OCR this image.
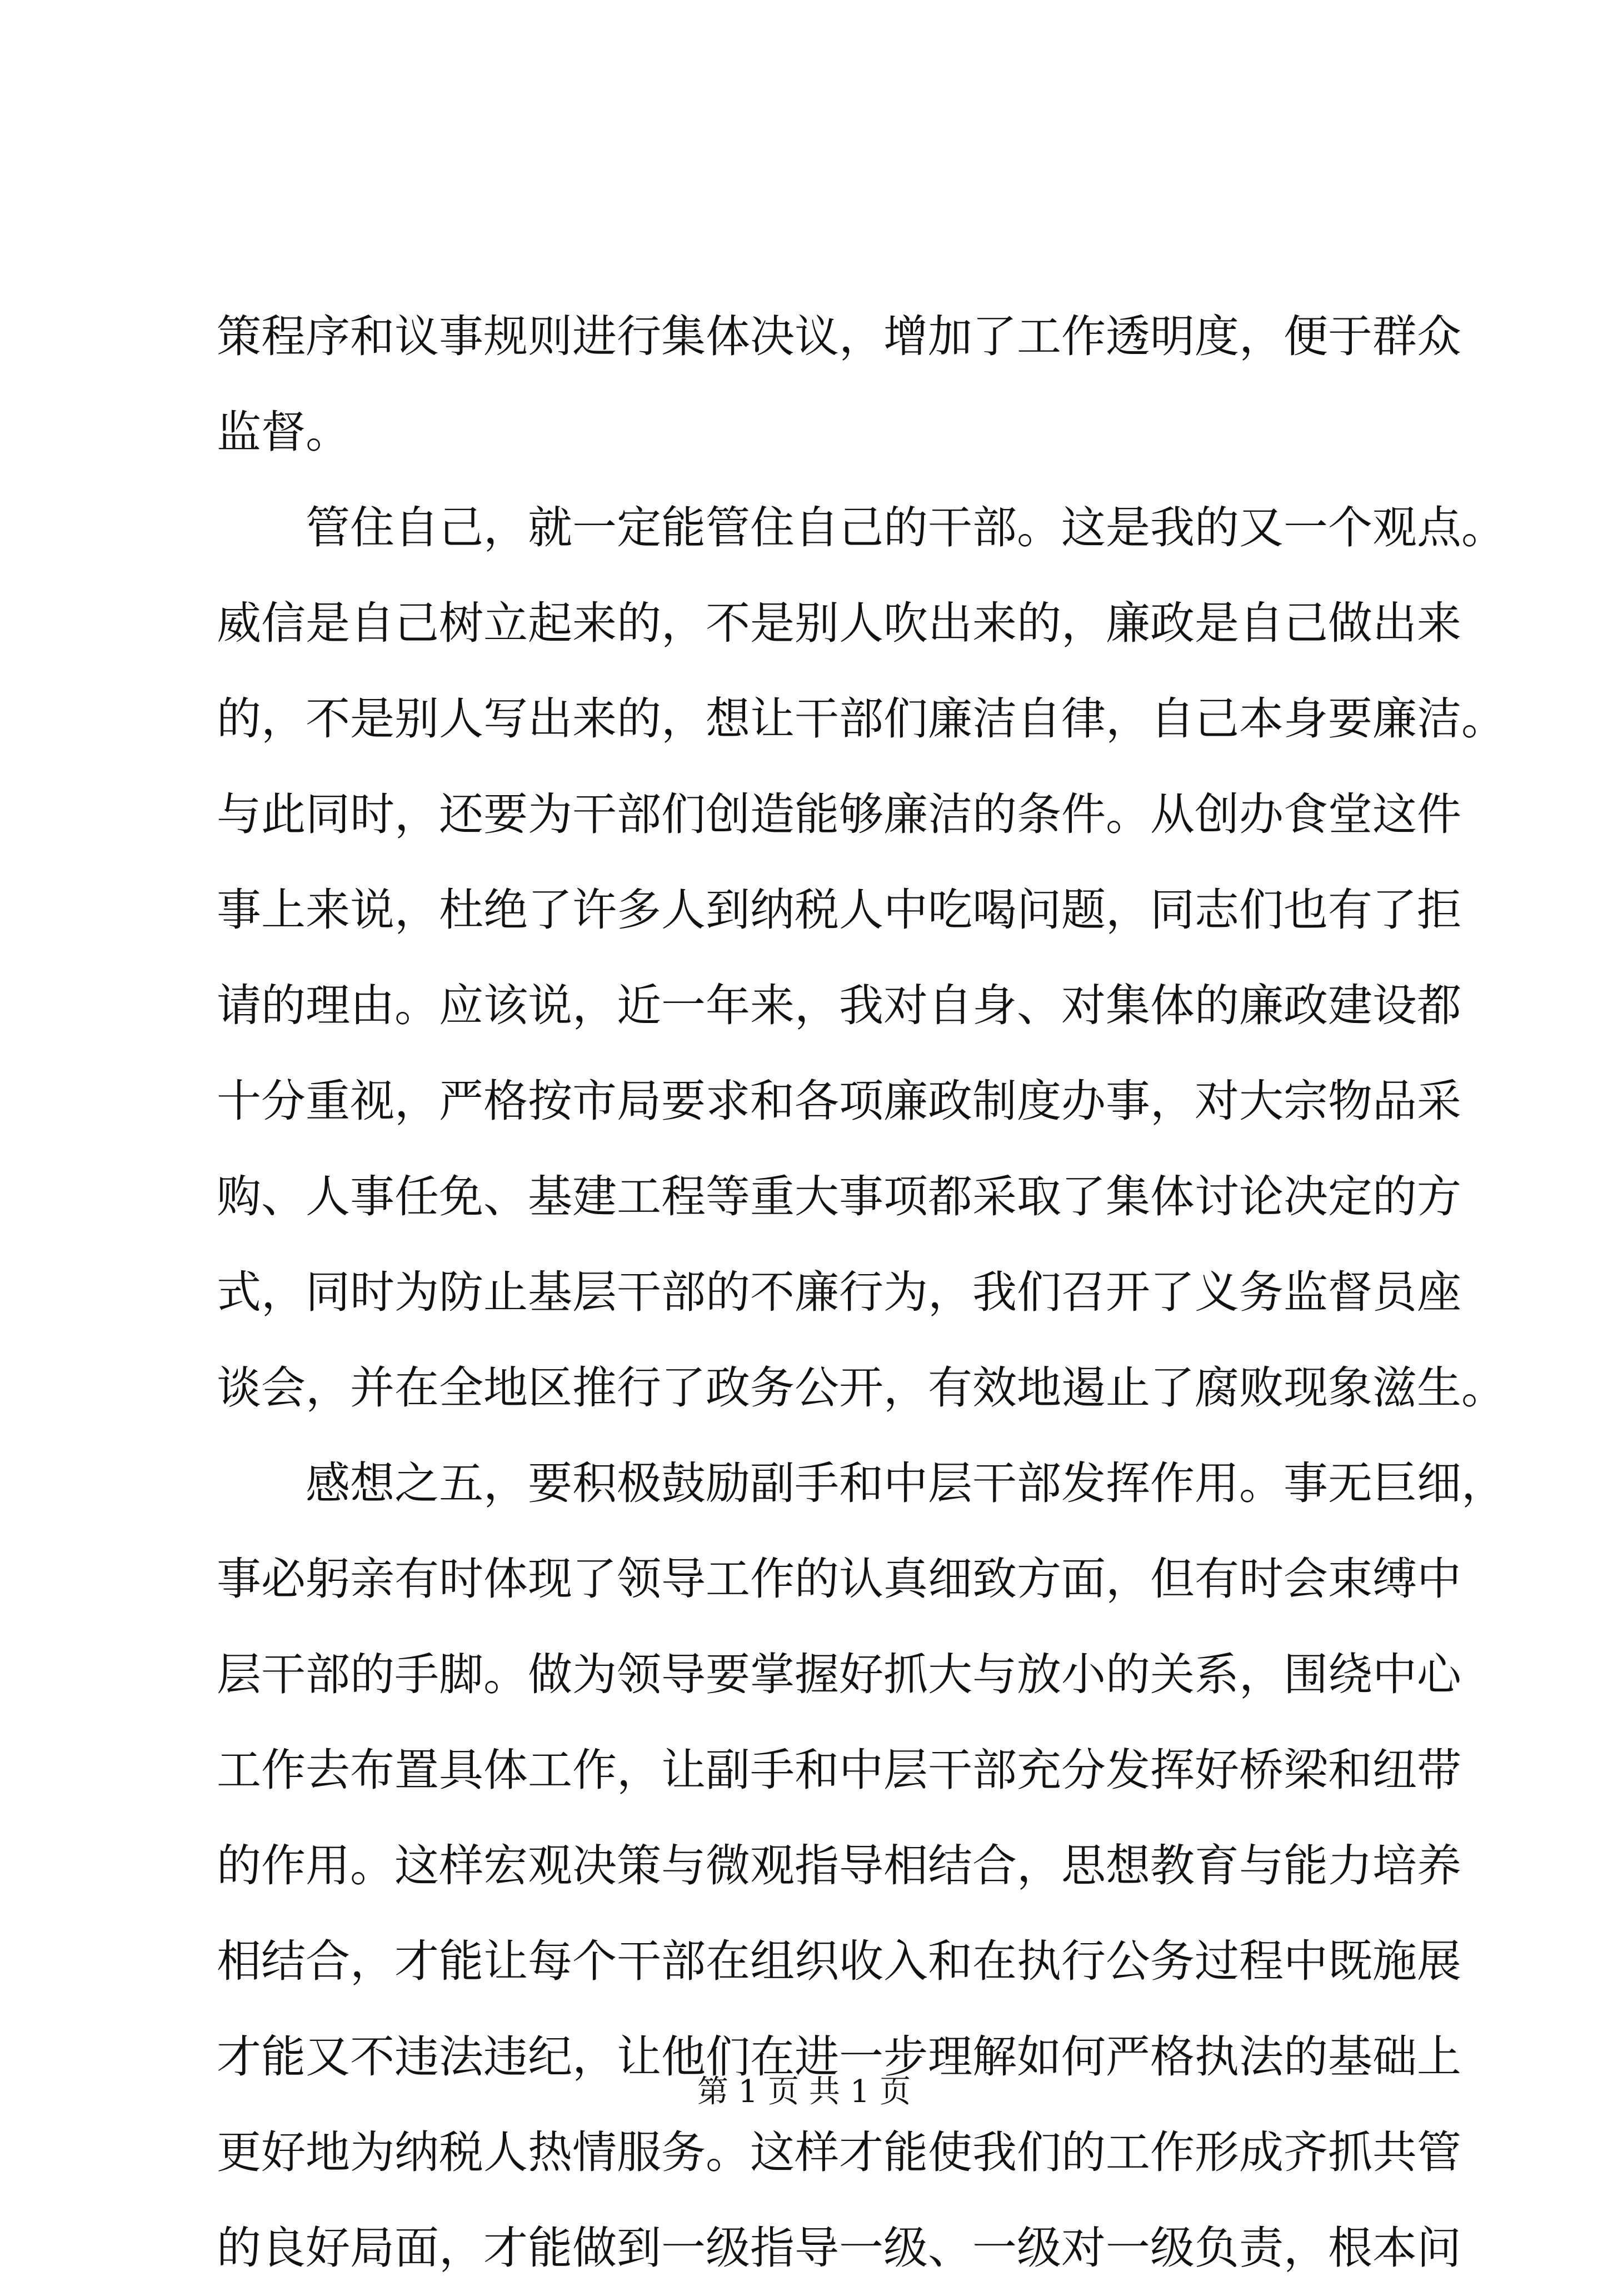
策程序和议事规则进行集体决议，增加了工作透明度，便于群众
监督。
　　管住自己，就一定能管住自己的干部。这是我的又一个观点。
威信是自己树立起来的，不是别人吹出来的，廉政是自己做出来
的，不是别人写出来的，想让干部们廉洁自律，自己本身要廉洁。
与此同时，还要为干部们创造能够廉洁的条件。从创办食堂这件
事上来说，杜绝了许多人到纳税人中吃喝问题，同志们也有了拒
请的理由。应该说，近一年来，我对自身、对集体的廉政建设都
十分重视，严格按市局要求和各项廉政制度办事，对大宗物品采
购、人事任免、基建工程等重大事项都采取了集体讨论决定的方
式，同时为防止基层干部的不廉行为，我们召开了义务监督员座
谈会，并在全地区推行了政务公开，有效地遏止了腐败现象滋生。
　　感想之五，要积极鼓励副手和中层干部发挥作用。事无巨细，
事必躬亲有时体现了领导工作的认真细致方面，但有时会束缚中
层干部的手脚。做为领导要掌握好抓大与放小的关系，围绕中心
工作去布置具体工作，让副手和中层干部充分发挥好桥梁和纽带
的作用。这样宏观决策与微观指导相结合，思想教育与能力培养
相结合，才能让每个干部在组织收入和在执行公务过程中既施展
才能又不违法违纪，让他们在进一步理解如何严格执法的基础上
更好地为纳税人热情服务。这样才能使我们的工作形成齐抓共管
的良好局面，才能做到一级指导一级、一级对一级负责，根本问
第 1 页 共 1 页
